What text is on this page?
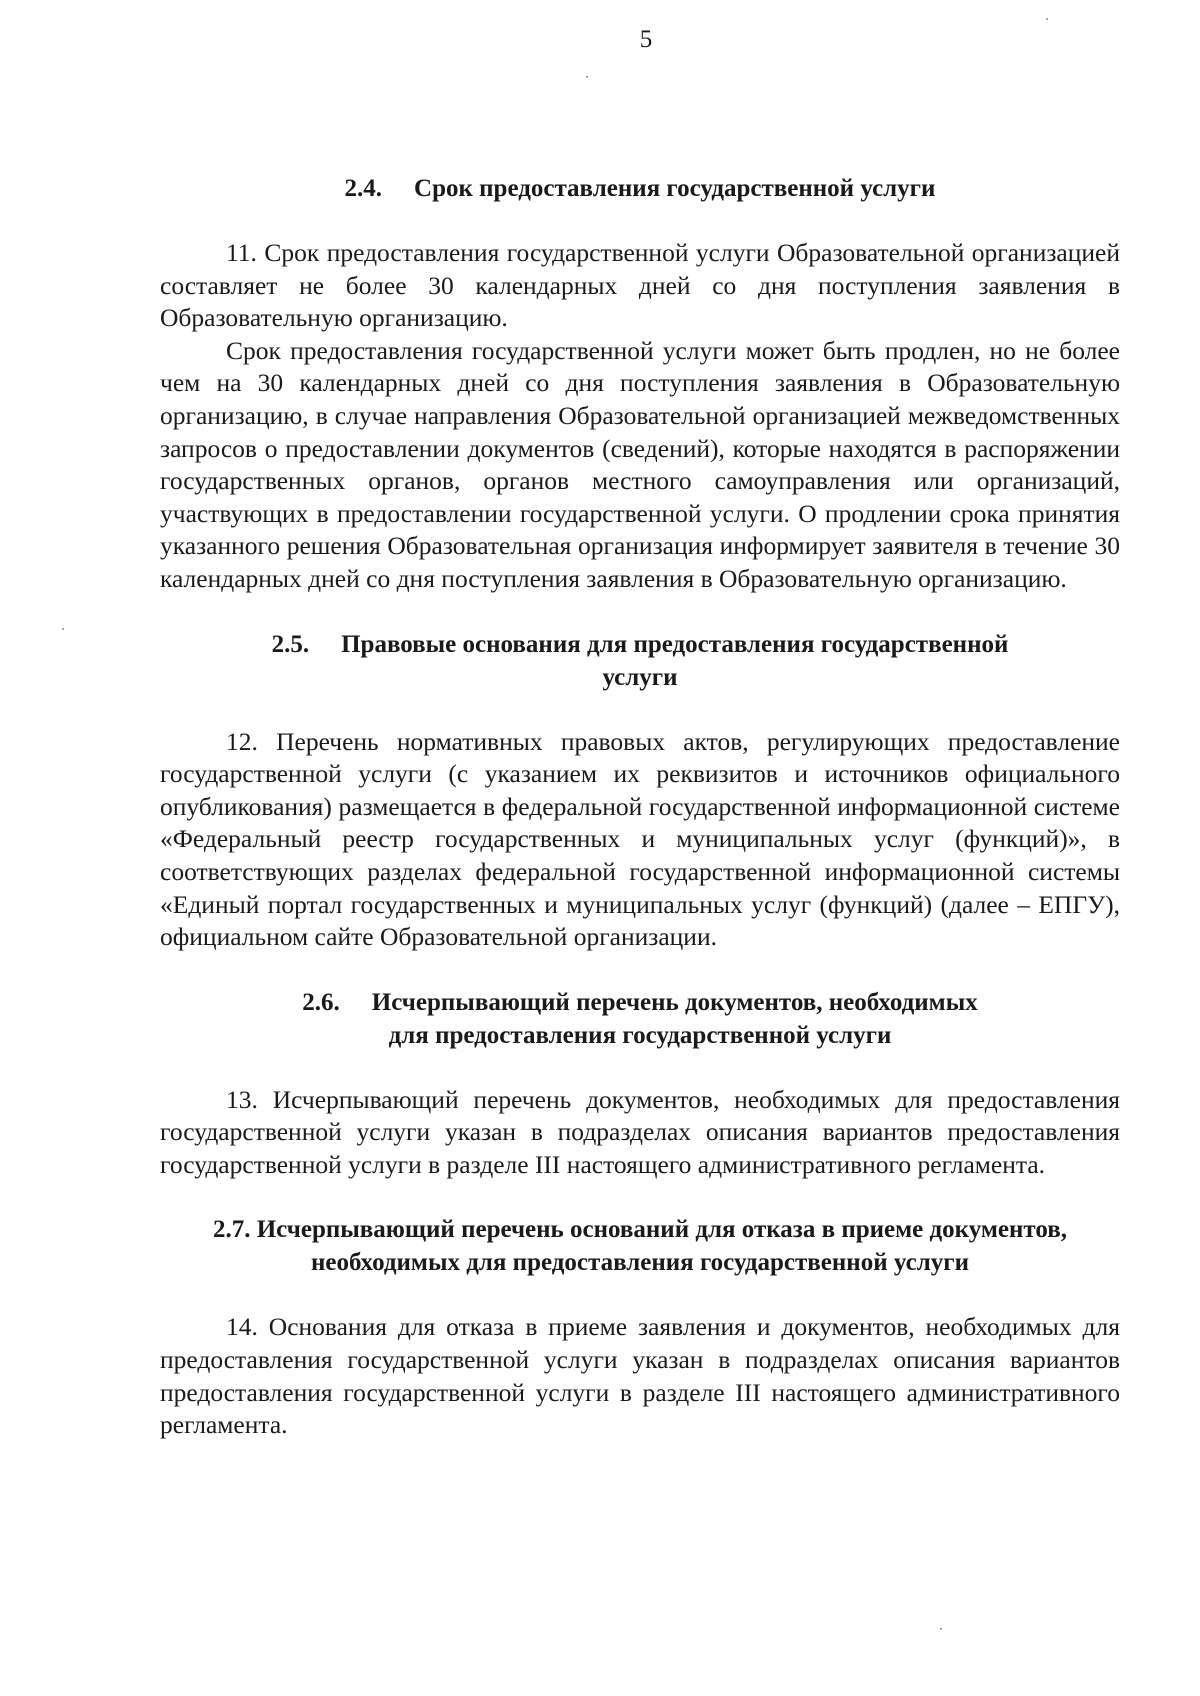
5
2.4. Срок предоставления государственной услуги

11. Срок предоставления государственной услуги Образовательной организацией составляет не более 30 календарных дней со дня поступления заявления в Образовательную организацию.

Срок предоставления государственной услуги может быть продлен, но не более чем на 30 календарных дней со дня поступления заявления в Образовательную организацию, в случае направления Образовательной организацией межведомственных запросов о предоставлении документов (сведений), которые находятся в распоряжении государственных органов, органов местного самоуправления или организаций, участвующих в предоставлении государственной услуги. О продлении срока принятия указанного решения Образовательная организация информирует заявителя в течение 30 календарных дней со дня поступления заявления в Образовательную организацию.

2.5. Правовые основания для предоставления государственной услуги

12. Перечень нормативных правовых актов, регулирующих предоставление государственной услуги (с указанием их реквизитов и источников официального опубликования) размещается в федеральной государственной информационной системе «Федеральный реестр государственных и муниципальных услуг (функций)», в соответствующих разделах федеральной государственной информационной системы «Единый портал государственных и муниципальных услуг (функций) (далее – ЕПГУ), официальном сайте Образовательной организации.

2.6. Исчерпывающий перечень документов, необходимых для предоставления государственной услуги

13. Исчерпывающий перечень документов, необходимых для предоставления государственной услуги указан в подразделах описания вариантов предоставления государственной услуги в разделе III настоящего административного регламента.

2.7. Исчерпывающий перечень оснований для отказа в приеме документов, необходимых для предоставления государственной услуги

14. Основания для отказа в приеме заявления и документов, необходимых для предоставления государственной услуги указан в подразделах описания вариантов предоставления государственной услуги в разделе III настоящего административного регламента.
